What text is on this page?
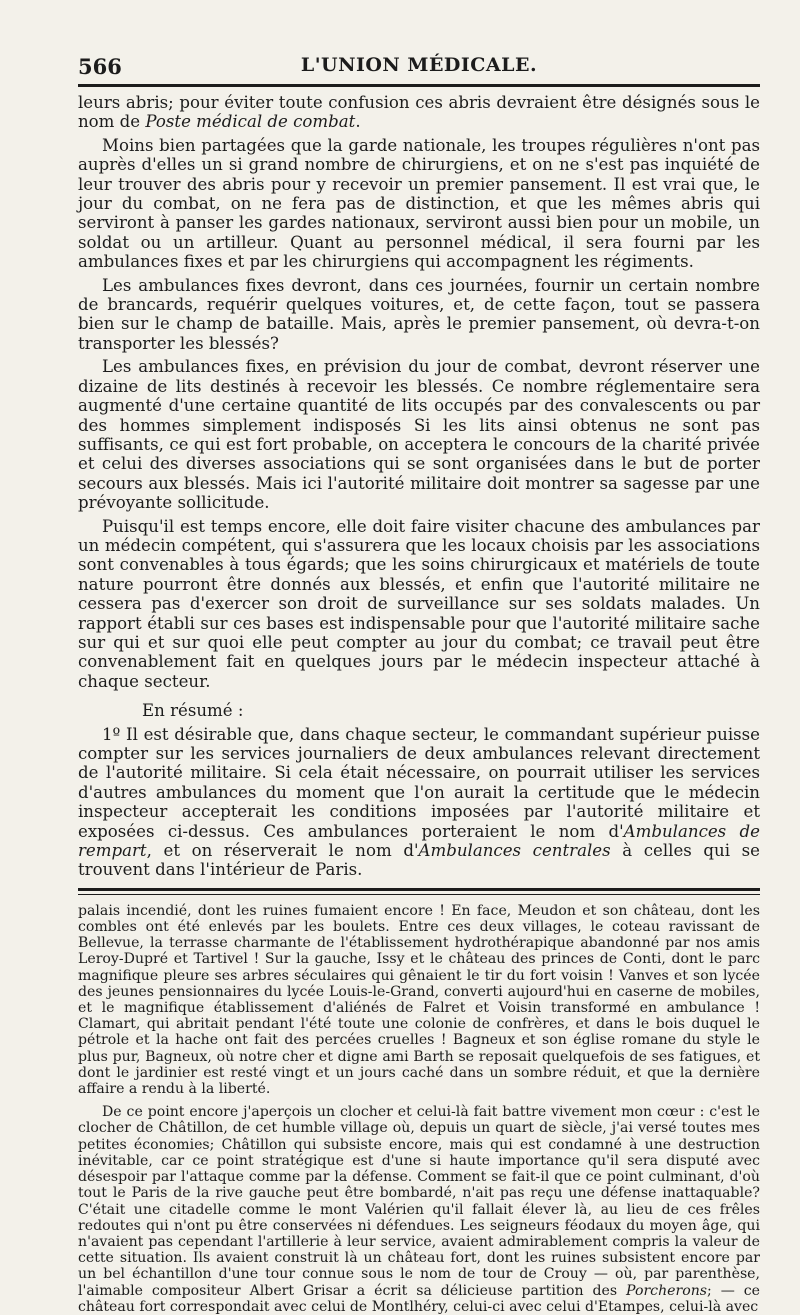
566	L'UNION MÉDICALE.

leurs abris; pour éviter toute confusion ces abris devraient être désignés sous le nom de Poste médical de combat.

Moins bien partagées que la garde nationale, les troupes régulières n'ont pas auprès d'elles un si grand nombre de chirurgiens, et on ne s'est pas inquiété de leur trouver des abris pour y recevoir un premier pansement. Il est vrai que, le jour du combat, on ne fera pas de distinction, et que les mêmes abris qui serviront à panser les gardes nationaux, serviront aussi bien pour un mobile, un soldat ou un artilleur. Quant au personnel médical, il sera fourni par les ambulances fixes et par les chirurgiens qui accompagnent les régiments.

Les ambulances fixes devront, dans ces journées, fournir un certain nombre de brancards, requérir quelques voitures, et, de cette façon, tout se passera bien sur le champ de bataille. Mais, après le premier pansement, où devra-t-on transporter les blessés?

Les ambulances fixes, en prévision du jour de combat, devront réserver une dizaine de lits destinés à recevoir les blessés. Ce nombre réglementaire sera augmenté d'une certaine quantité de lits occupés par des convalescents ou par des hommes simplement indisposés Si les lits ainsi obtenus ne sont pas suffisants, ce qui est fort probable, on acceptera le concours de la charité privée et celui des diverses associations qui se sont organisées dans le but de porter secours aux blessés. Mais ici l'autorité militaire doit montrer sa sagesse par une prévoyante sollicitude.

Puisqu'il est temps encore, elle doit faire visiter chacune des ambulances par un médecin compétent, qui s'assurera que les locaux choisis par les associations sont convenables à tous égards; que les soins chirurgicaux et matériels de toute nature pourront être donnés aux blessés, et enfin que l'autorité militaire ne cessera pas d'exercer son droit de surveillance sur ses soldats malades. Un rapport établi sur ces bases est indispensable pour que l'autorité militaire sache sur qui et sur quoi elle peut compter au jour du combat; ce travail peut être convenablement fait en quelques jours par le médecin inspecteur attaché à chaque secteur.

En résumé :

1º Il est désirable que, dans chaque secteur, le commandant supérieur puisse compter sur les services journaliers de deux ambulances relevant directement de l'autorité militaire. Si cela était nécessaire, on pourrait utiliser les services d'autres ambulances du moment que l'on aurait la certitude que le médecin inspecteur accepterait les conditions imposées par l'autorité militaire et exposées ci-dessus. Ces ambulances porteraient le nom d'Ambulances de rempart, et on réserverait le nom d'Ambulances centrales à celles qui se trouvent dans l'intérieur de Paris.

palais incendié, dont les ruines fumaient encore ! En face, Meudon et son château, dont les combles ont été enlevés par les boulets. Entre ces deux villages, le coteau ravissant de Bellevue, la terrasse charmante de l'établissement hydrothérapique abandonné par nos amis Leroy-Dupré et Tartivel ! Sur la gauche, Issy et le château des princes de Conti, dont le parc magnifique pleure ses arbres séculaires qui gênaient le tir du fort voisin ! Vanves et son lycée des jeunes pensionnaires du lycée Louis-le-Grand, converti aujourd'hui en caserne de mobiles, et le magnifique établissement d'aliénés de Falret et Voisin transformé en ambulance ! Clamart, qui abritait pendant l'été toute une colonie de confrères, et dans le bois duquel le pétrole et la hache ont fait des percées cruelles ! Bagneux et son église romane du style le plus pur, Bagneux, où notre cher et digne ami Barth se reposait quelquefois de ses fatigues, et dont le jardinier est resté vingt et un jours caché dans un sombre réduit, et que la dernière affaire a rendu à la liberté.

De ce point encore j'aperçois un clocher et celui-là fait battre vivement mon cœur : c'est le clocher de Châtillon, de cet humble village où, depuis un quart de siècle, j'ai versé toutes mes petites économies; Châtillon qui subsiste encore, mais qui est condamné à une destruction inévitable, car ce point stratégique est d'une si haute importance qu'il sera disputé avec désespoir par l'attaque comme par la défense. Comment se fait-il que ce point culminant, d'où tout le Paris de la rive gauche peut être bombardé, n'ait pas reçu une défense inattaquable? C'était une citadelle comme le mont Valérien qu'il fallait élever là, au lieu de ces frêles redoutes qui n'ont pu être conservées ni défendues. Les seigneurs féodaux du moyen âge, qui n'avaient pas cependant l'artillerie à leur service, avaient admirablement compris la valeur de cette situation. Ils avaient construit là un château fort, dont les ruines subsistent encore par un bel échantillon d'une tour connue sous le nom de tour de Crouy — où, par parenthèse, l'aimable compositeur Albert Grisar a écrit sa délicieuse partition des Porcherons; — ce château fort correspondait avec celui de Montlhéry, celui-ci avec celui d'Etampes, celui-là avec
